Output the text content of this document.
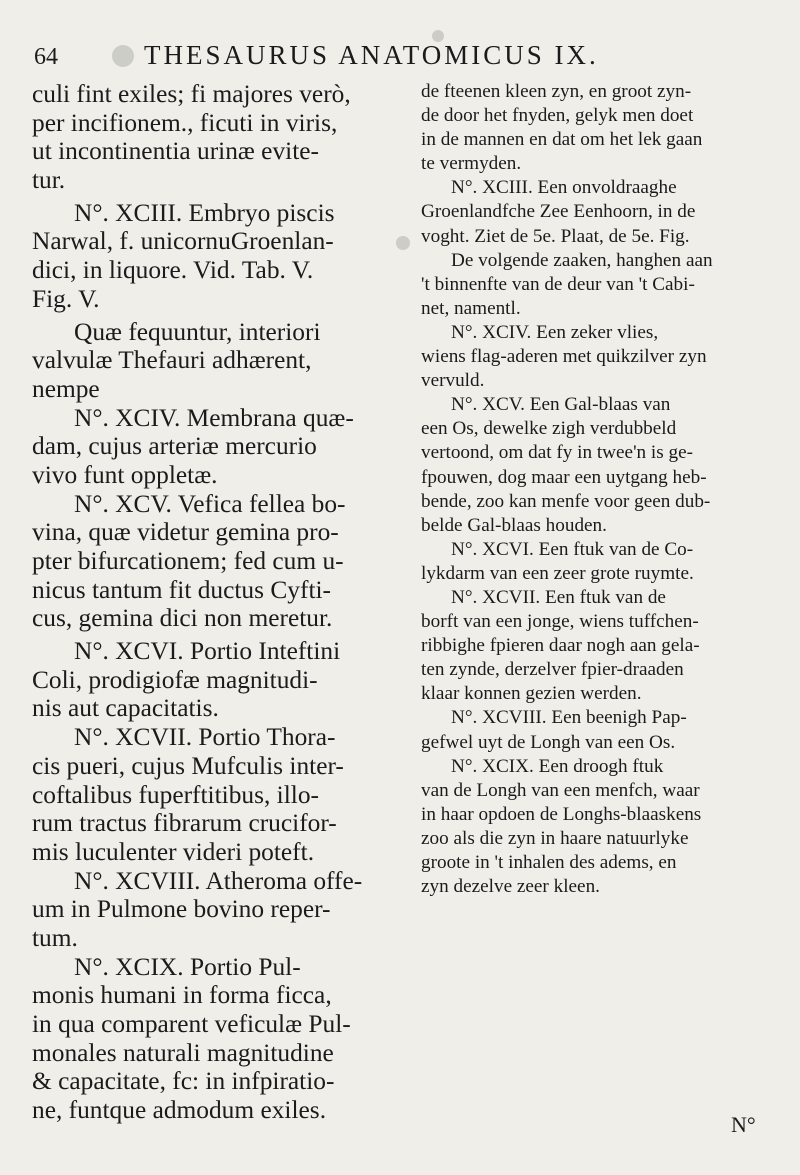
64	THESAURUS ANATOMICUS IX.
culi fint exiles; fi majores verò,
per incifionem., ficuti in viris,
ut incontinentia urinæ evite-
tur.
N°. XCIII. Embryo piscis
Narwal, f. unicornuGroenlan-
dici, in liquore. Vid. Tab. V.
Fig. V.
Quæ fequuntur, interiori
valvulæ Thefauri adhærent,
nempe
N°. XCIV. Membrana quæ-
dam, cujus arteriæ mercurio
vivo funt oppletæ.
N°. XCV. Vefica fellea bo-
vina, quæ videtur gemina pro-
pter bifurcationem; fed cum u-
nicus tantum fit ductus Cyfti-
cus, gemina dici non meretur.
N°. XCVI. Portio Inteftini
Coli, prodigiofæ magnitudi-
nis aut capacitatis.
N°. XCVII. Portio Thora-
cis pueri, cujus Mufculis inter-
coftalibus fuperftitibus, illo-
rum tractus fibrarum crucifor-
mis luculenter videri poteft.
N°. XCVIII. Atheroma offe-
um in Pulmone bovino reper-
tum.
N°. XCIX. Portio Pul-
monis humani in forma ficca,
in qua comparent veficulæ Pul-
monales naturali magnitudine
& capacitate, fc: in infpiratio-
ne, funtque admodum exiles.
de fteenen kleen zyn, en groot zyn-
de door het fnyden, gelyk men doet
in de mannen en dat om het lek gaan
te vermyden.
N°. XCIII. Een onvoldraaghe
Groenlandfche Zee Eenhoorn, in de
voght. Ziet de 5e. Plaat, de 5e. Fig.
De volgende zaaken, hanghen aan
't binnenfte van de deur van 't Cabi-
net, namentl.
N°. XCIV. Een zeker vlies,
wiens flag-aderen met quikzilver zyn
vervuld.
N°. XCV. Een Gal-blaas van
een Os, dewelke zigh verdubbeld
vertoond, om dat fy in twee'n is ge-
fpouwen, dog maar een uytgang heb-
bende, zoo kan menfe voor geen dub-
belde Gal-blaas houden.
N°. XCVI. Een ftuk van de Co-
lykdarm van een zeer grote ruymte.
N°. XCVII. Een ftuk van de
borft van een jonge, wiens tuffchen-
ribbighe fpieren daar nogh aan gela-
ten zynde, derzelver fpier-draaden
klaar konnen gezien werden.
N°. XCVIII. Een beenigh Pap-
gefwel uyt de Longh van een Os.
N°. XCIX. Een droogh ftuk
van de Longh van een menfch, waar
in haar opdoen de Longhs-blaaskens
zoo als die zyn in haare natuurlyke
groote in 't inhalen des adems, en
zyn dezelve zeer kleen.
N°
